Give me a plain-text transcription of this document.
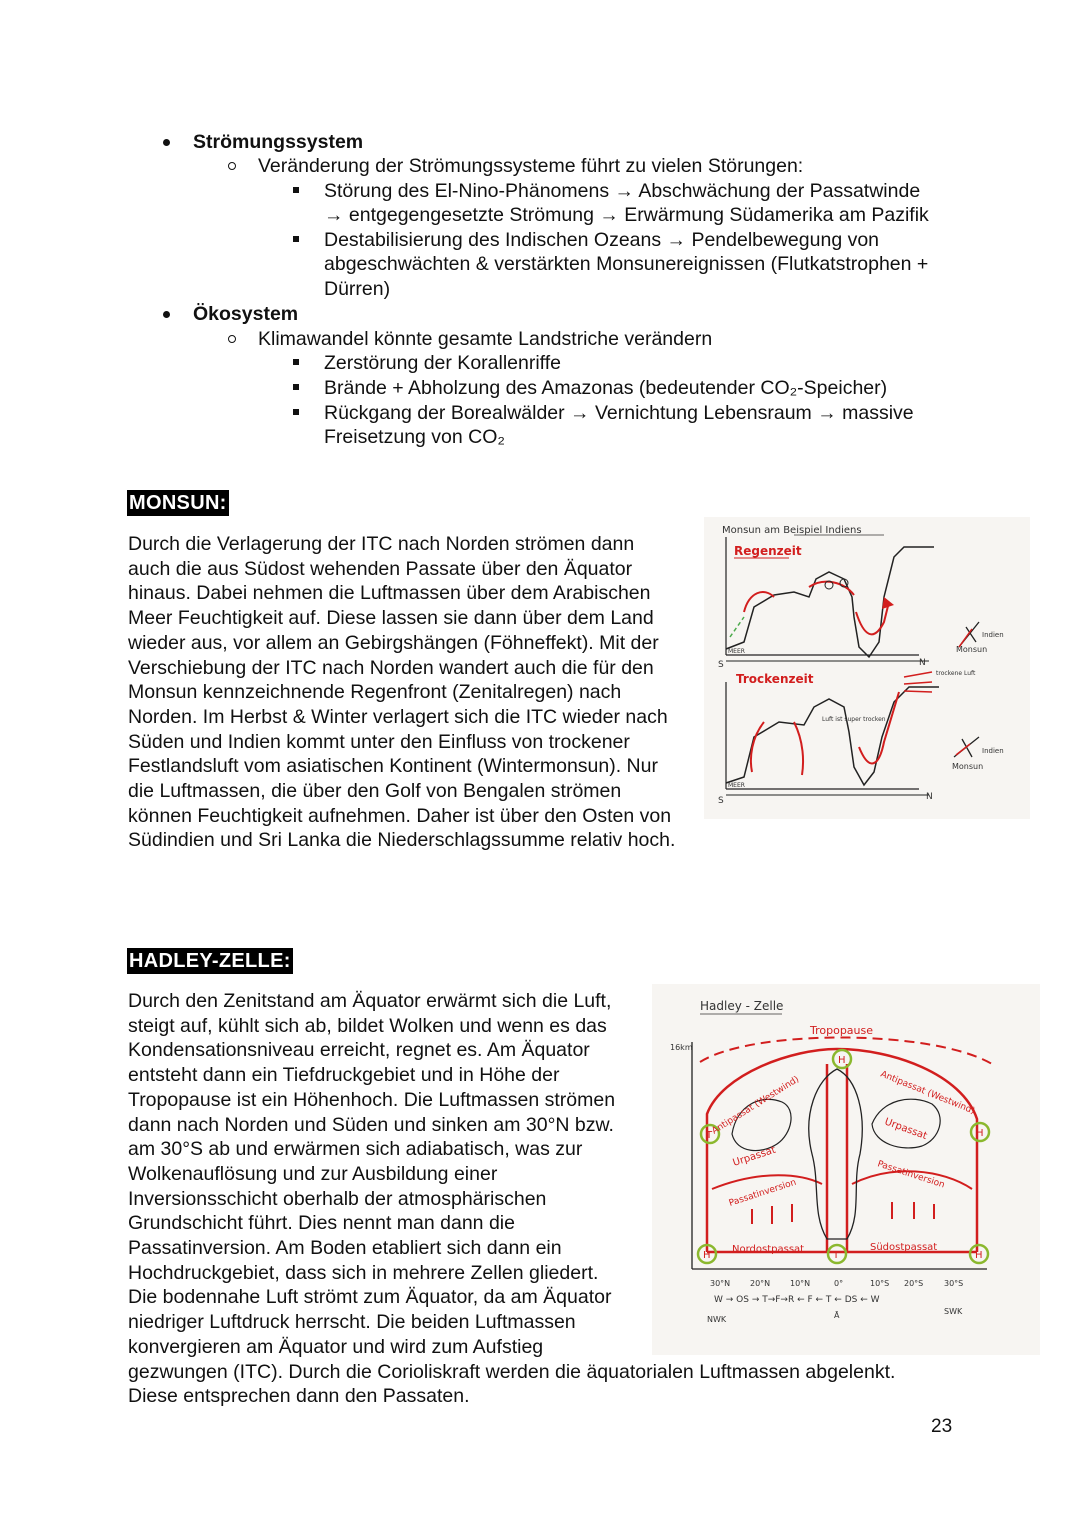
Strömungssystem
Veränderung der Strömungssysteme führt zu vielen Störungen:
Störung des El-Nino-Phänomens → Abschwächung der Passatwinde
→ entgegengesetzte Strömung → Erwärmung Südamerika am Pazifik
Destabilisierung des Indischen Ozeans → Pendelbewegung von
abgeschwächten & verstärkten Monsunereignissen (Flutkatstrophen +
Dürren)
Ökosystem
Klimawandel könnte gesamte Landstriche verändern
Zerstörung der Korallenriffe
Brände + Abholzung des Amazonas (bedeutender CO₂-Speicher)
Rückgang der Borealwälder → Vernichtung Lebensraum → massive
Freisetzung von CO₂
MONSUN:
Durch die Verlagerung der ITC nach Norden strömen dann
auch die aus Südost wehenden Passate über den Äquator
hinaus. Dabei nehmen die Luftmassen über dem Arabischen
Meer Feuchtigkeit auf. Diese lassen sie dann über dem Land
wieder aus, vor allem an Gebirgshängen (Föhneffekt). Mit der
Verschiebung der ITC nach Norden wandert auch die für den
Monsun kennzeichnende Regenfront (Zenitalregen) nach
Norden. Im Herbst & Winter verlagert sich die ITC wieder nach
Süden und Indien kommt unter den Einfluss von trockener
Festlandsluft vom asiatischen Kontinent (Wintermonsun). Nur
die Luftmassen, die über den Golf von Bengalen strömen
können Feuchtigkeit aufnehmen. Daher ist über den Osten von
Südindien und Sri Lanka die Niederschlagssumme relativ hoch.
Monsun am Beispiel Indiens
Regenzeit
MEER
S	N
Indien
Monsun
Trockenzeit	trockene Luft
Luft ist super trocken
MEER
S	N
Indien
Monsun
HADLEY-ZELLE:
Durch den Zenitstand am Äquator erwärmt sich die Luft,
steigt auf, kühlt sich ab, bildet Wolken und wenn es das
Kondensationsniveau erreicht, regnet es. Am Äquator
entsteht dann ein Tiefdruckgebiet und in Höhe der
Tropopause ist ein Höhenhoch. Die Luftmassen strömen
dann nach Norden und Süden und sinken am 30°N bzw.
am 30°S ab und erwärmen sich adiabatisch, was zur
Wolkenauflösung und zur Ausbildung einer
Inversionsschicht oberhalb der atmosphärischen
Grundschicht führt. Dies nennt man dann die
Passatinversion. Am Boden etabliert sich dann ein
Hochdruckgebiet, dass sich in mehrere Zellen gliedert.
Die bodennahe Luft strömt zum Äquator, da am Äquator
niedriger Luftdruck herrscht. Die beiden Luftmassen
konvergieren am Äquator und wird zum Aufstieg
gezwungen (ITC). Durch die Corioliskraft werden die äquatorialen Luftmassen abgelenkt.
Diese entsprechen dann den Passaten.
Hadley - Zelle
Tropopause
16km
T
H
H
H	T	H
Antipassat (Westwind)	Antipassat (Westwind)
Urpassat
Urpassat
Passatinversion
Passatinversion
Nordostpassat	Südostpassat
30°N 20°N 10°N	0°	10°S 20°S	30°S
W → OS → T→F→R ← F ← T ← DS ← W
NWK	Ā	SWK
23
